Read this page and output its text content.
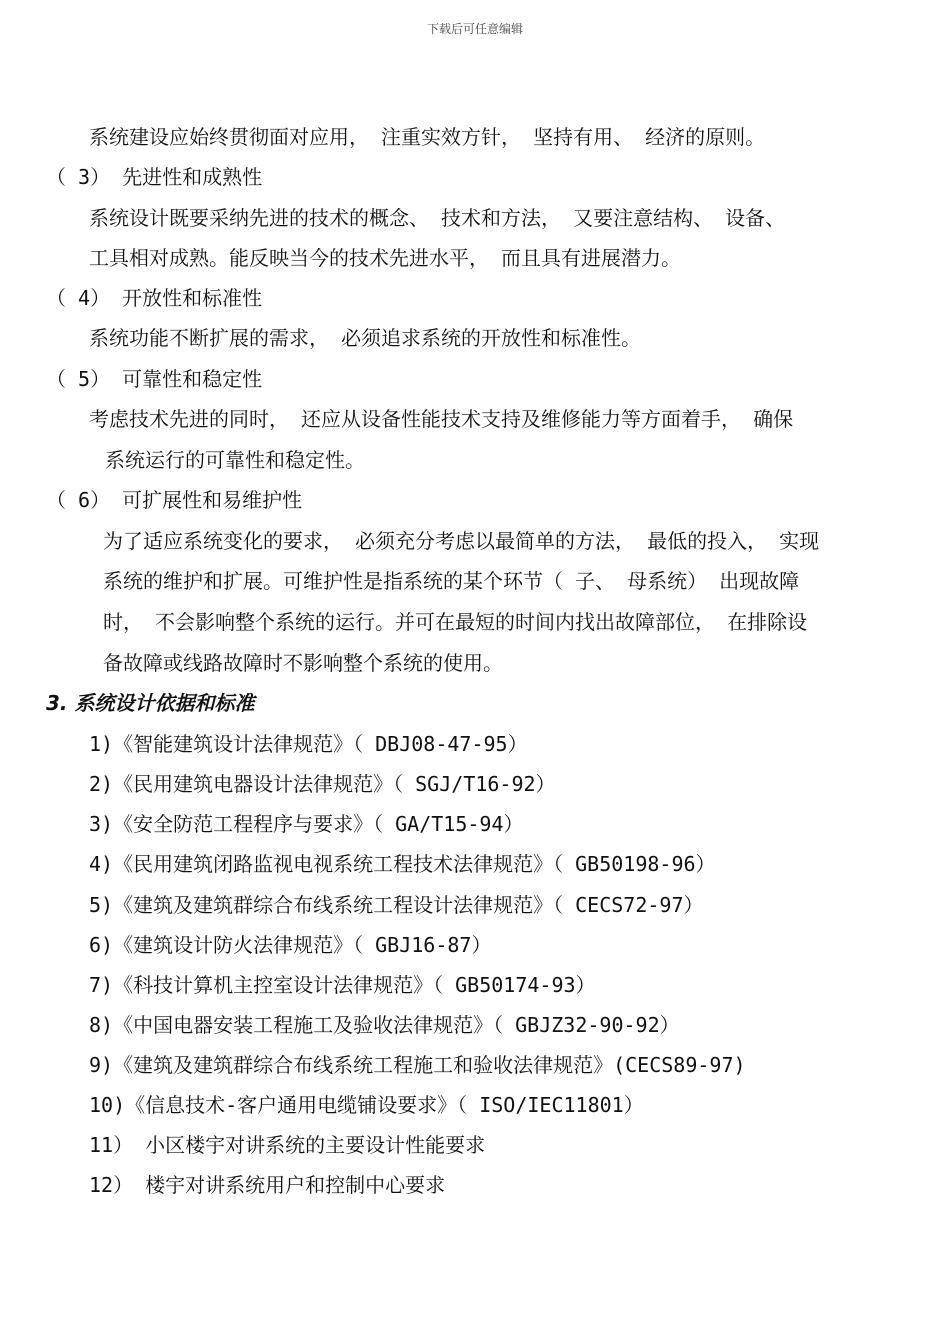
下载后可任意编辑
系统建设应始终贯彻面对应用， 注重实效方针， 坚持有用、 经济的原则。
（ 3） 先进性和成熟性
系统设计既要采纳先进的技术的概念、 技术和方法， 又要注意结构、 设备、
工具相对成熟。能反映当今的技术先进水平， 而且具有进展潜力。
（ 4） 开放性和标准性
系统功能不断扩展的需求， 必须追求系统的开放性和标准性。
（ 5） 可靠性和稳定性
考虑技术先进的同时， 还应从设备性能技术支持及维修能力等方面着手， 确保
系统运行的可靠性和稳定性。
（ 6） 可扩展性和易维护性
为了适应系统变化的要求， 必须充分考虑以最简单的方法， 最低的投入， 实现
系统的维护和扩展。可维护性是指系统的某个环节（ 子、 母系统） 出现故障
时， 不会影响整个系统的运行。并可在最短的时间内找出故障部位， 在排除设
备故障或线路故障时不影响整个系统的使用。
3. 系统设计依据和标准
1)《智能建筑设计法律规范》（ DBJ08-47-95）
2)《民用建筑电器设计法律规范》（ SGJ/T16-92）
3)《安全防范工程程序与要求》（ GA/T15-94）
4)《民用建筑闭路监视电视系统工程技术法律规范》（ GB50198-96）
5)《建筑及建筑群综合布线系统工程设计法律规范》（ CECS72-97）
6)《建筑设计防火法律规范》（ GBJ16-87）
7)《科技计算机主控室设计法律规范》（ GB50174-93）
8)《中国电器安装工程施工及验收法律规范》（ GBJZ32-90-92）
9)《建筑及建筑群综合布线系统工程施工和验收法律规范》(CECS89-97)
10)《信息技术-客户通用电缆铺设要求》（ ISO/IEC11801）
11） 小区楼宇对讲系统的主要设计性能要求
12） 楼宇对讲系统用户和控制中心要求
